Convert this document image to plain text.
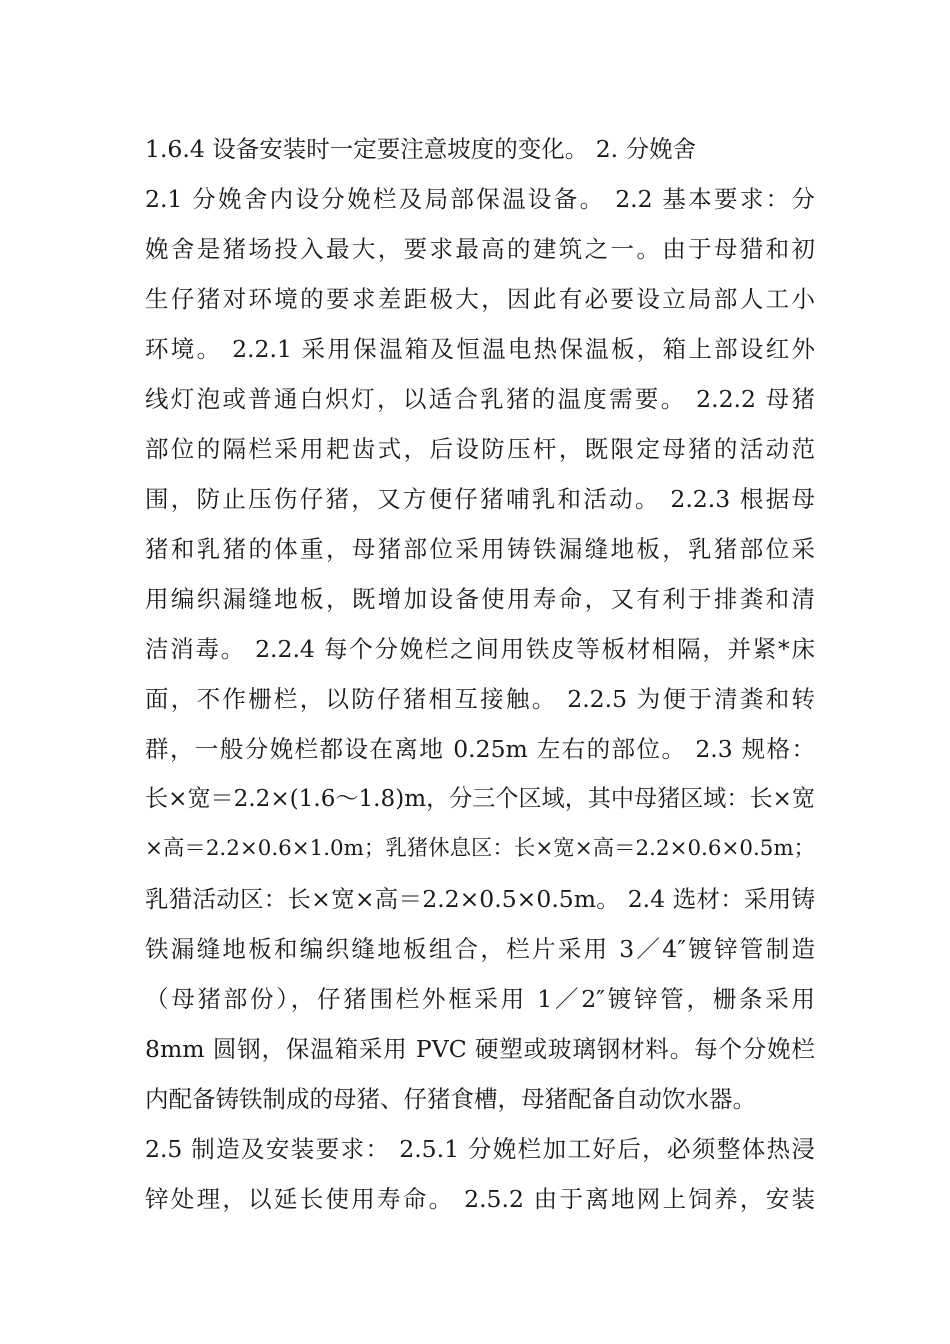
1.6.4 设备安装时一定要注意坡度的变化。 2. 分娩舍
2.1 分娩舍内设分娩栏及局部保温设备。 2.2 基本要求：分
娩舍是猪场投入最大，要求最高的建筑之一。由于母猎和初
生仔猪对环境的要求差距极大，因此有必要设立局部人工小
环境。 2.2.1 采用保温箱及恒温电热保温板，箱上部设红外
线灯泡或普通白炽灯，以适合乳猪的温度需要。 2.2.2 母猪
部位的隔栏采用耙齿式，后设防压杆，既限定母猪的活动范
围，防止压伤仔猪，又方便仔猪哺乳和活动。 2.2.3 根据母
猪和乳猪的体重，母猪部位采用铸铁漏缝地板，乳猪部位采
用编织漏缝地板，既增加设备使用寿命，又有利于排粪和清
洁消毒。 2.2.4 每个分娩栏之间用铁皮等板材相隔，并紧*床
面，不作栅栏，以防仔猪相互接触。 2.2.5 为便于清粪和转
群，一般分娩栏都设在离地 0.25m 左右的部位。 2.3 规格：
长×宽＝2.2×(1.6～1.8)m，分三个区域，其中母猪区域：长×宽
×高＝2.2×0.6×1.0m；乳猪休息区：长×宽×高＝2.2×0.6×0.5m；
乳猎活动区：长×宽×高＝2.2×0.5×0.5m。 2.4 选材：采用铸
铁漏缝地板和编织缝地板组合，栏片采用 3／4″镀锌管制造
（母猪部份），仔猪围栏外框采用 1／2″镀锌管，栅条采用
8mm 圆钢，保温箱采用 PVC 硬塑或玻璃钢材料。每个分娩栏
内配备铸铁制成的母猪、仔猪食槽，母猪配备自动饮水器。
2.5 制造及安装要求： 2.5.1 分娩栏加工好后，必须整体热浸
锌处理，以延长使用寿命。 2.5.2 由于离地网上饲养，安装
